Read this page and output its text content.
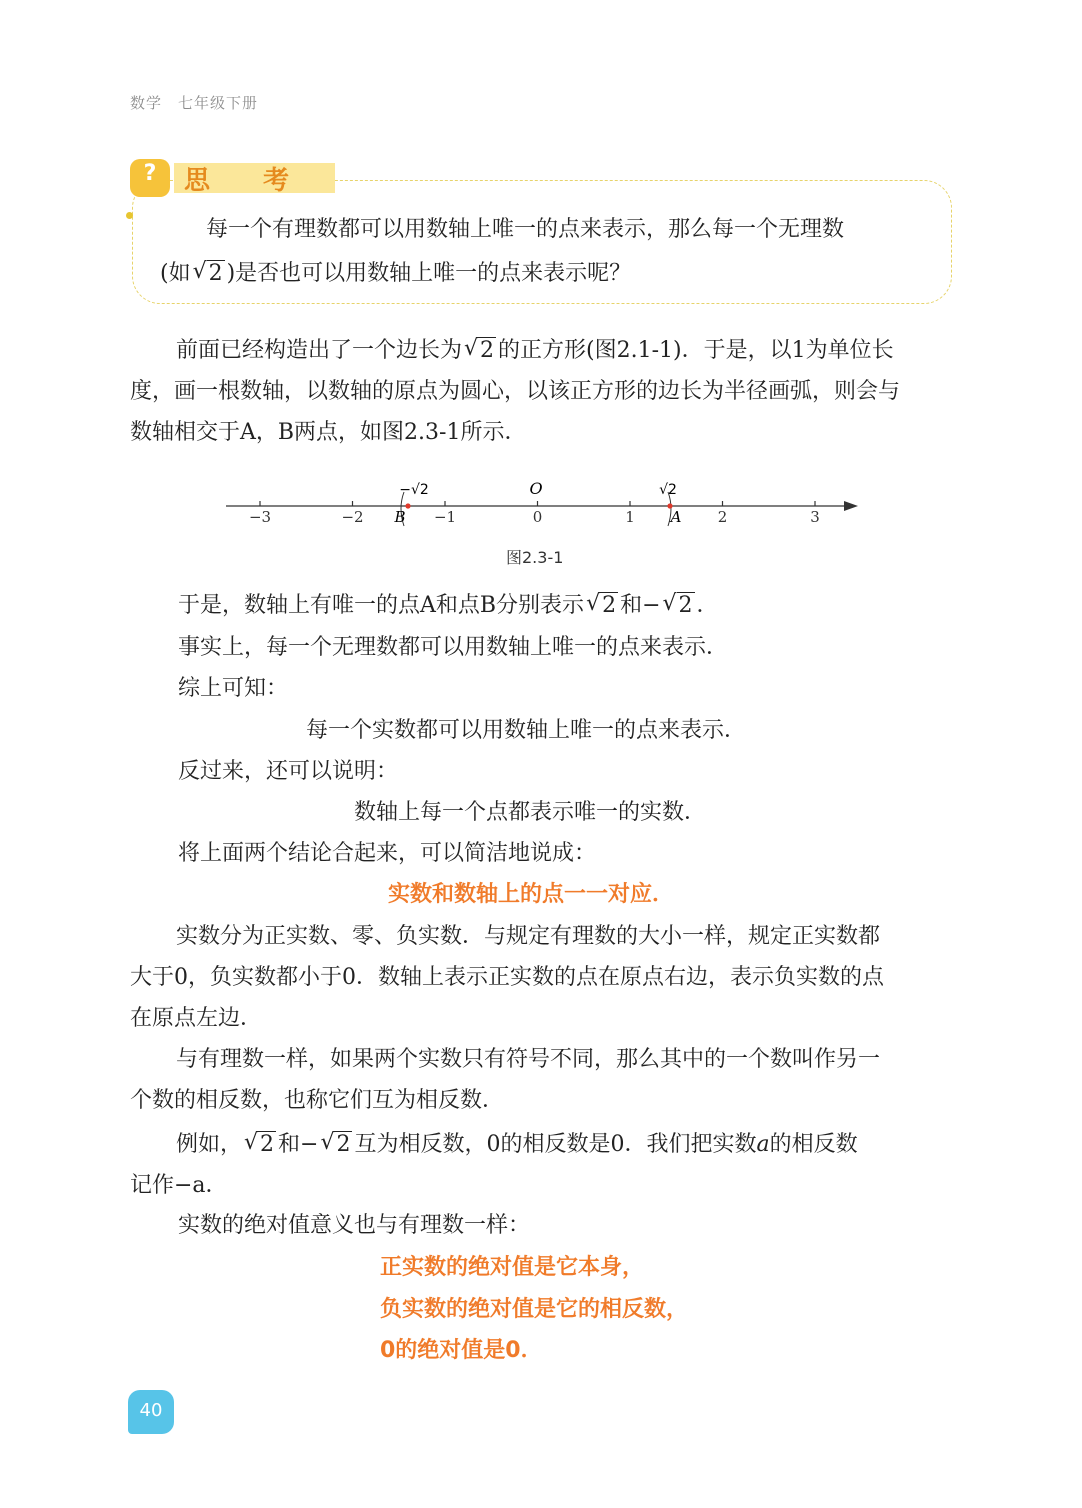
数学 七年级下册
?	思 考
每一个有理数都可以用数轴上唯一的点来表示，那么每一个无理数
(如 √ 2 )是否也可以用数轴上唯一的点来表示呢？
前面已经构造出了一个边长为 √ 2 的正方形(图2.1-1)．于是，以1为单位长
度，画一根数轴，以数轴的原点为圆心，以该正方形的边长为半径画弧，则会与
数轴相交于A，B两点，如图2.3-1所示．
−3	−2	−1	0	1	2	3
O
B	A
−√2	√2
图2.3-1
于是，数轴上有唯一的点A和点B分别表示 √ 2 和− √ 2 ．
事实上，每一个无理数都可以用数轴上唯一的点来表示．
综上可知：
每一个实数都可以用数轴上唯一的点来表示．
反过来，还可以说明：
数轴上每一个点都表示唯一的实数．
将上面两个结论合起来，可以简洁地说成：
实数和数轴上的点一一对应．
实数分为正实数、零、负实数．与规定有理数的大小一样，规定正实数都
大于0，负实数都小于0．数轴上表示正实数的点在原点右边，表示负实数的点
在原点左边．
与有理数一样，如果两个实数只有符号不同，那么其中的一个数叫作另一
个数的相反数，也称它们互为相反数．
例如， √ 2 和− √ 2 互为相反数，0的相反数是0．我们把实数a的相反数
记作−a．
实数的绝对值意义也与有理数一样：
正实数的绝对值是它本身，
负实数的绝对值是它的相反数，
0的绝对值是0．
40
